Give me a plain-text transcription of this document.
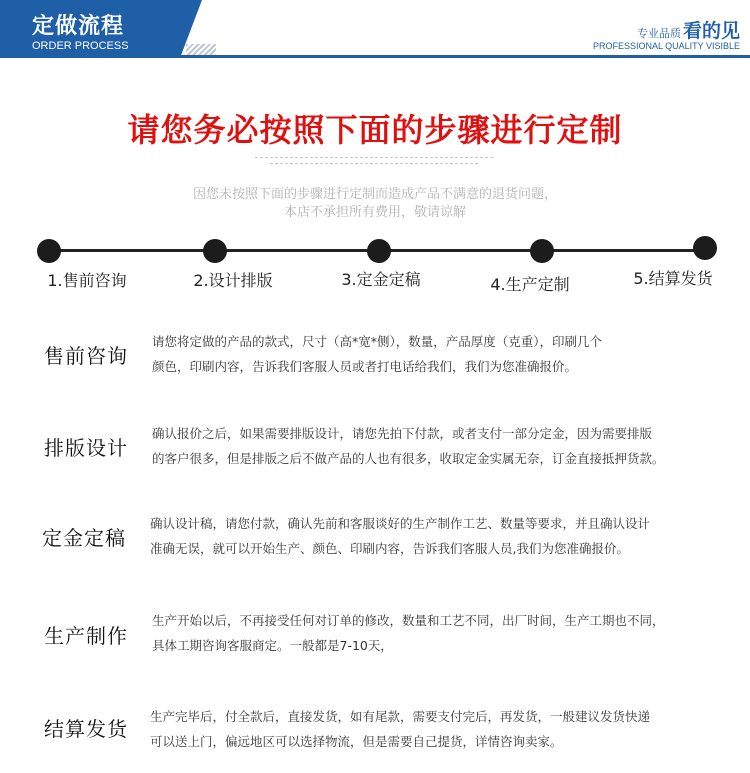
定做流程
ORDER PROCESS
专业品质 看的见
PROFESSIONAL QUALITY VISIBLE
请您务必按照下面的步骤进行定制
因您未按照下面的步骤进行定制而造成产品不满意的退货问题，
本店不承担所有费用，敬请谅解
1.售前咨询	2.设计排版	3.定金定稿	4.生产定制	5.结算发货
售前咨询
请您将定做的产品的款式，尺寸（高*宽*侧），数量，产品厚度（克重），印刷几个
颜色，印刷内容，告诉我们客服人员或者打电话给我们，我们为您准确报价。
排版设计
确认报价之后，如果需要排版设计，请您先拍下付款，或者支付一部分定金，因为需要排版
的客户很多，但是排版之后不做产品的人也有很多，收取定金实属无奈，订金直接抵押货款。
定金定稿
确认设计稿，请您付款，确认先前和客服谈好的生产制作工艺、数量等要求，并且确认设计
准确无误，就可以开始生产、颜色、印刷内容，告诉我们客服人员,我们为您准确报价。
生产制作
生产开始以后，不再接受任何对订单的修改，数量和工艺不同，出厂时间，生产工期也不同，
具体工期咨询客服商定。一般都是7-10天，
结算发货
生产完毕后，付全款后，直接发货，如有尾款，需要支付完后，再发货，一般建议发货快递
可以送上门，偏远地区可以选择物流，但是需要自己提货，详情咨询卖家。
